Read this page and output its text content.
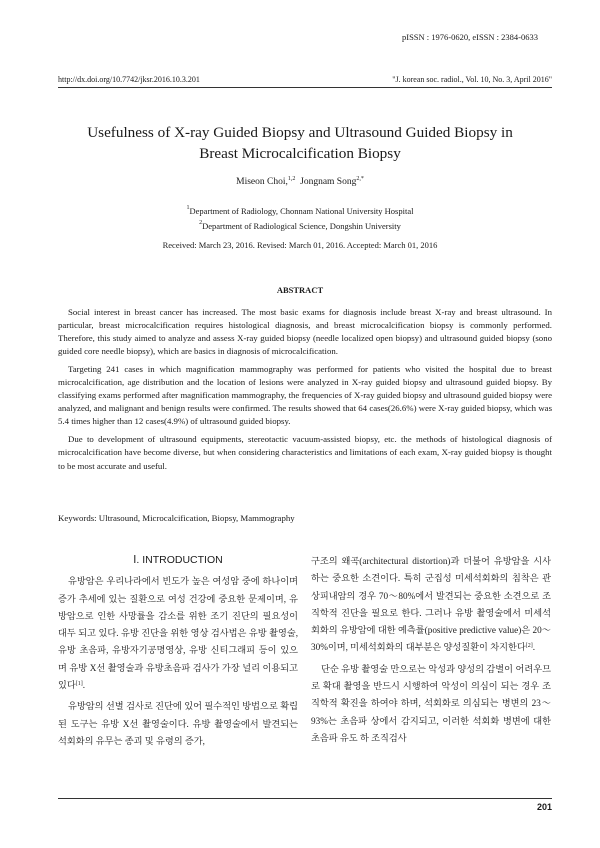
pISSN : 1976-0620, eISSN : 2384-0633
http://dx.doi.org/10.7742/jksr.2016.10.3.201	"J. korean soc. radiol., Vol. 10, No. 3, April 2016"
Usefulness of X-ray Guided Biopsy and Ultrasound Guided Biopsy in
Breast Microcalcification Biopsy
Miseon Choi,$^{1,2}$ Jongnam Song$^{2,*}$
$^1$Department of Radiology, Chonnam National University Hospital
$^2$Department of Radiological Science, Dongshin University
Received: March 23, 2016. Revised: March 01, 2016. Accepted: March 01, 2016
ABSTRACT

Social interest in breast cancer has increased. The most basic exams for diagnosis include breast X-ray and breast ultrasound. In particular, breast microcalcification requires histological diagnosis, and breast microcalcification biopsy is commonly performed. Therefore, this study aimed to analyze and assess X-ray guided biopsy (needle localized open biopsy) and ultrasound guided biopsy (sono guided core needle biopsy), which are basics in diagnosis of microcalcification.

Targeting 241 cases in which magnification mammography was performed for patients who visited the hospital due to breast microcalcification, age distribution and the location of lesions were analyzed in X-ray guided biopsy and ultrasound guided biopsy. By classifying exams performed after magnification mammography, the frequencies of X-ray guided biopsy and ultrasound guided biopsy were analyzed, and malignant and benign results were confirmed. The results showed that 64 cases(26.6%) were X-ray guided biopsy, which was 5.4 times higher than 12 cases(4.9%) of ultrasound guided biopsy.

Due to development of ultrasound equipments, stereotactic vacuum-assisted biopsy, etc. the methods of histological diagnosis of microcalcification have become diverse, but when considering characteristics and limitations of each exam, X-ray guided biopsy is thought to be most accurate and useful.

Keywords: Ultrasound, Microcalcification, Biopsy, Mammography

Ⅰ. INTRODUCTION

유방암은 우리나라에서 빈도가 높은 여성암 중에 하나이며 증가 추세에 있는 질환으로 여성 건강에 중요한 문제이며, 유방암으로 인한 사망률을 감소를 위한 조기 진단의 필요성이 대두 되고 있다. 유방 진단을 위한 영상 검사법은 유방 촬영술, 유방 초음파, 유방자기공명영상, 유방 신티그래피 등이 있으며 유방 X선 촬영술과 유방초음파 검사가 가장 널리 이용되고 있다[1].

유방암의 선별 검사로 진단에 있어 필수적인 방법으로 확립된 도구는 유방 X선 촬영술이다. 유방 촬영술에서 발견되는 석회화의 유무는 종괴 및 유령의 증가,

구조의 왜곡(architectural distortion)과 더불어 유방암을 시사하는 중요한 소견이다. 특히 군집성 미세석회화의 침착은 관상피내암의 경우 70～80%에서 발견되는 중요한 소견으로 조직학적 진단을 필요로 한다. 그러나 유방 촬영술에서 미세석회화의 유방암에 대한 예측률(positive predictive value)은 20～30%이며, 미세석회화의 대부분은 양성질환이 차지한다[2].

단순 유방 촬영술 만으로는 악성과 양성의 감별이 어려우므로 확대 촬영을 반드시 시행하여 악성이 의심이 되는 경우 조직학적 확진을 하여야 하며, 석회화로 의심되는 병변의 23～93%는 초음파 상에서 감지되고, 이러한 석회화 병변에 대한 초음파 유도 하 조직검사

201
